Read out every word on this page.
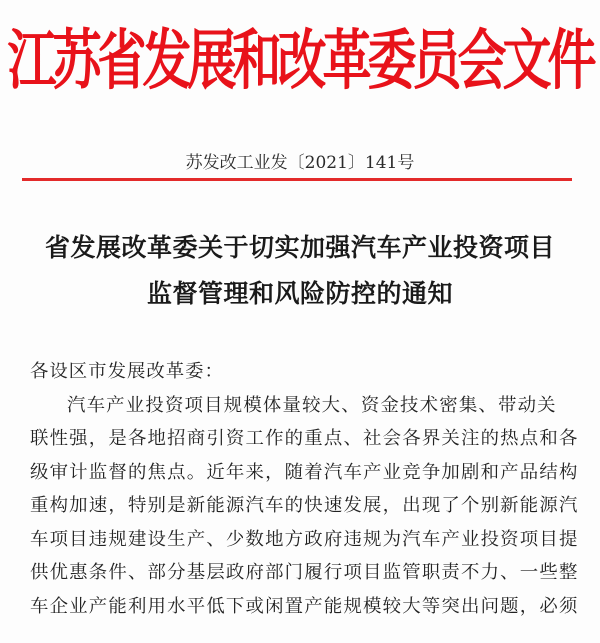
江苏省发展和改革委员会文件
苏发改工业发〔2021〕141号
省发展改革委关于切实加强汽车产业投资项目
监督管理和风险防控的通知
各设区市发展改革委：
汽车产业投资项目规模体量较大、资金技术密集、带动关
联性强，是各地招商引资工作的重点、社会各界关注的热点和各
级审计监督的焦点。近年来，随着汽车产业竞争加剧和产品结构
重构加速，特别是新能源汽车的快速发展，出现了个别新能源汽
车项目违规建设生产、少数地方政府违规为汽车产业投资项目提
供优惠条件、部分基层政府部门履行项目监管职责不力、一些整
车企业产能利用水平低下或闲置产能规模较大等突出问题，必须
